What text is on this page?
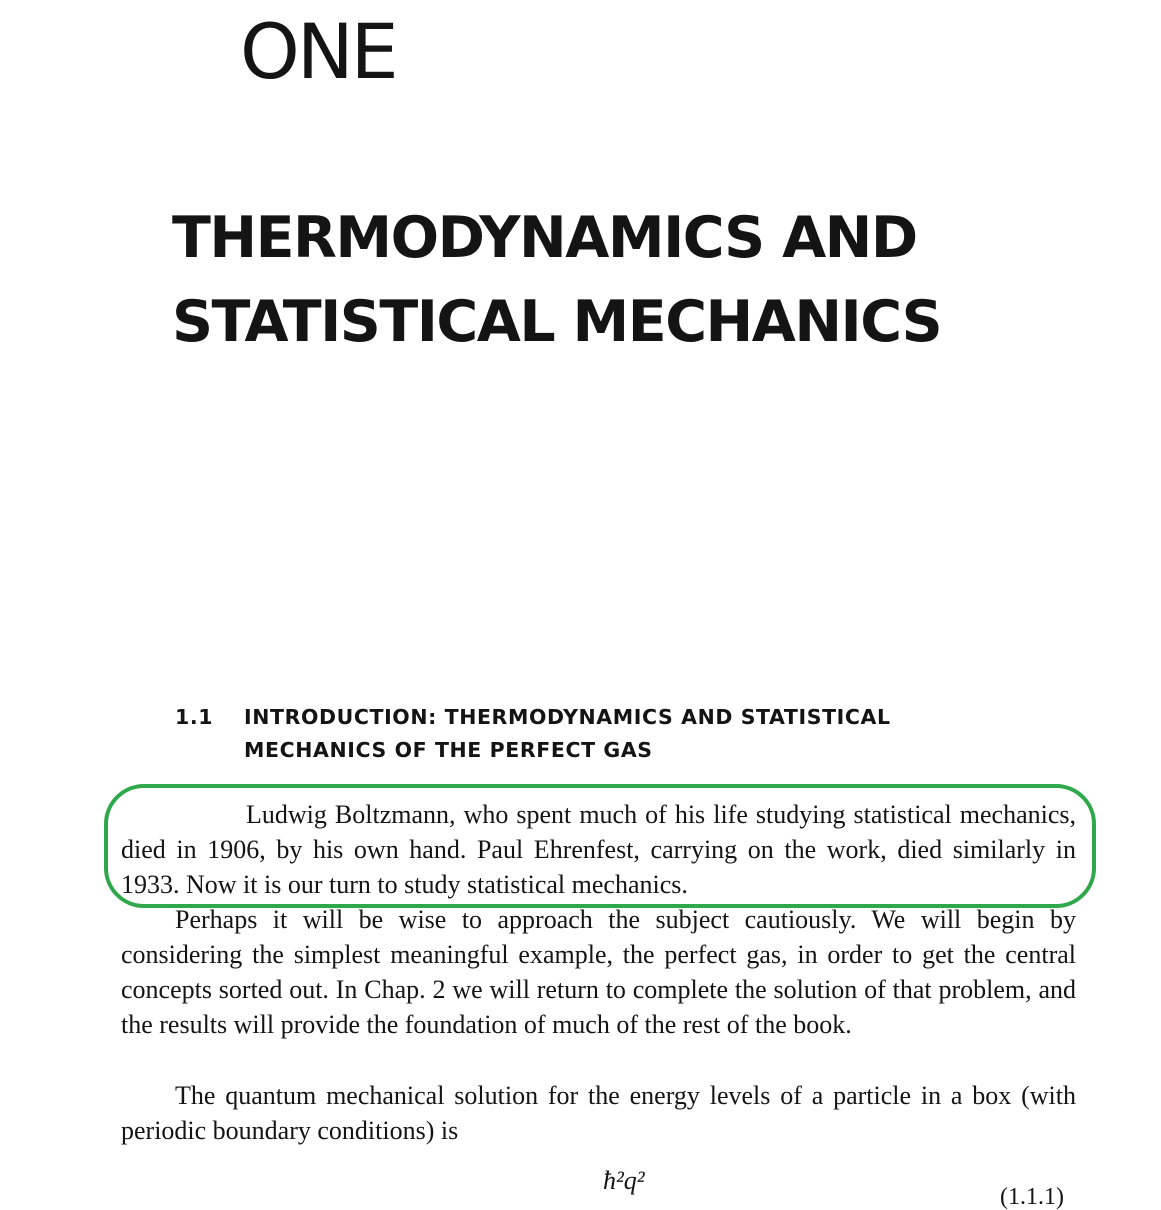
ONE
THERMODYNAMICS AND
STATISTICAL MECHANICS
1.1 INTRODUCTION: THERMODYNAMICS AND STATISTICAL
MECHANICS OF THE PERFECT GAS

Ludwig Boltzmann, who spent much of his life studying statistical mechanics, died in 1906, by his own hand. Paul Ehrenfest, carrying on the work, died similarly in 1933. Now it is our turn to study statistical mechanics.

Perhaps it will be wise to approach the subject cautiously. We will begin by considering the simplest meaningful example, the perfect gas, in order to get the central concepts sorted out. In Chap. 2 we will return to complete the solution of that problem, and the results will provide the foundation of much of the rest of the book.

The quantum mechanical solution for the energy levels of a particle in a box (with periodic boundary conditions) is

ħ²q²

(1.1.1)
